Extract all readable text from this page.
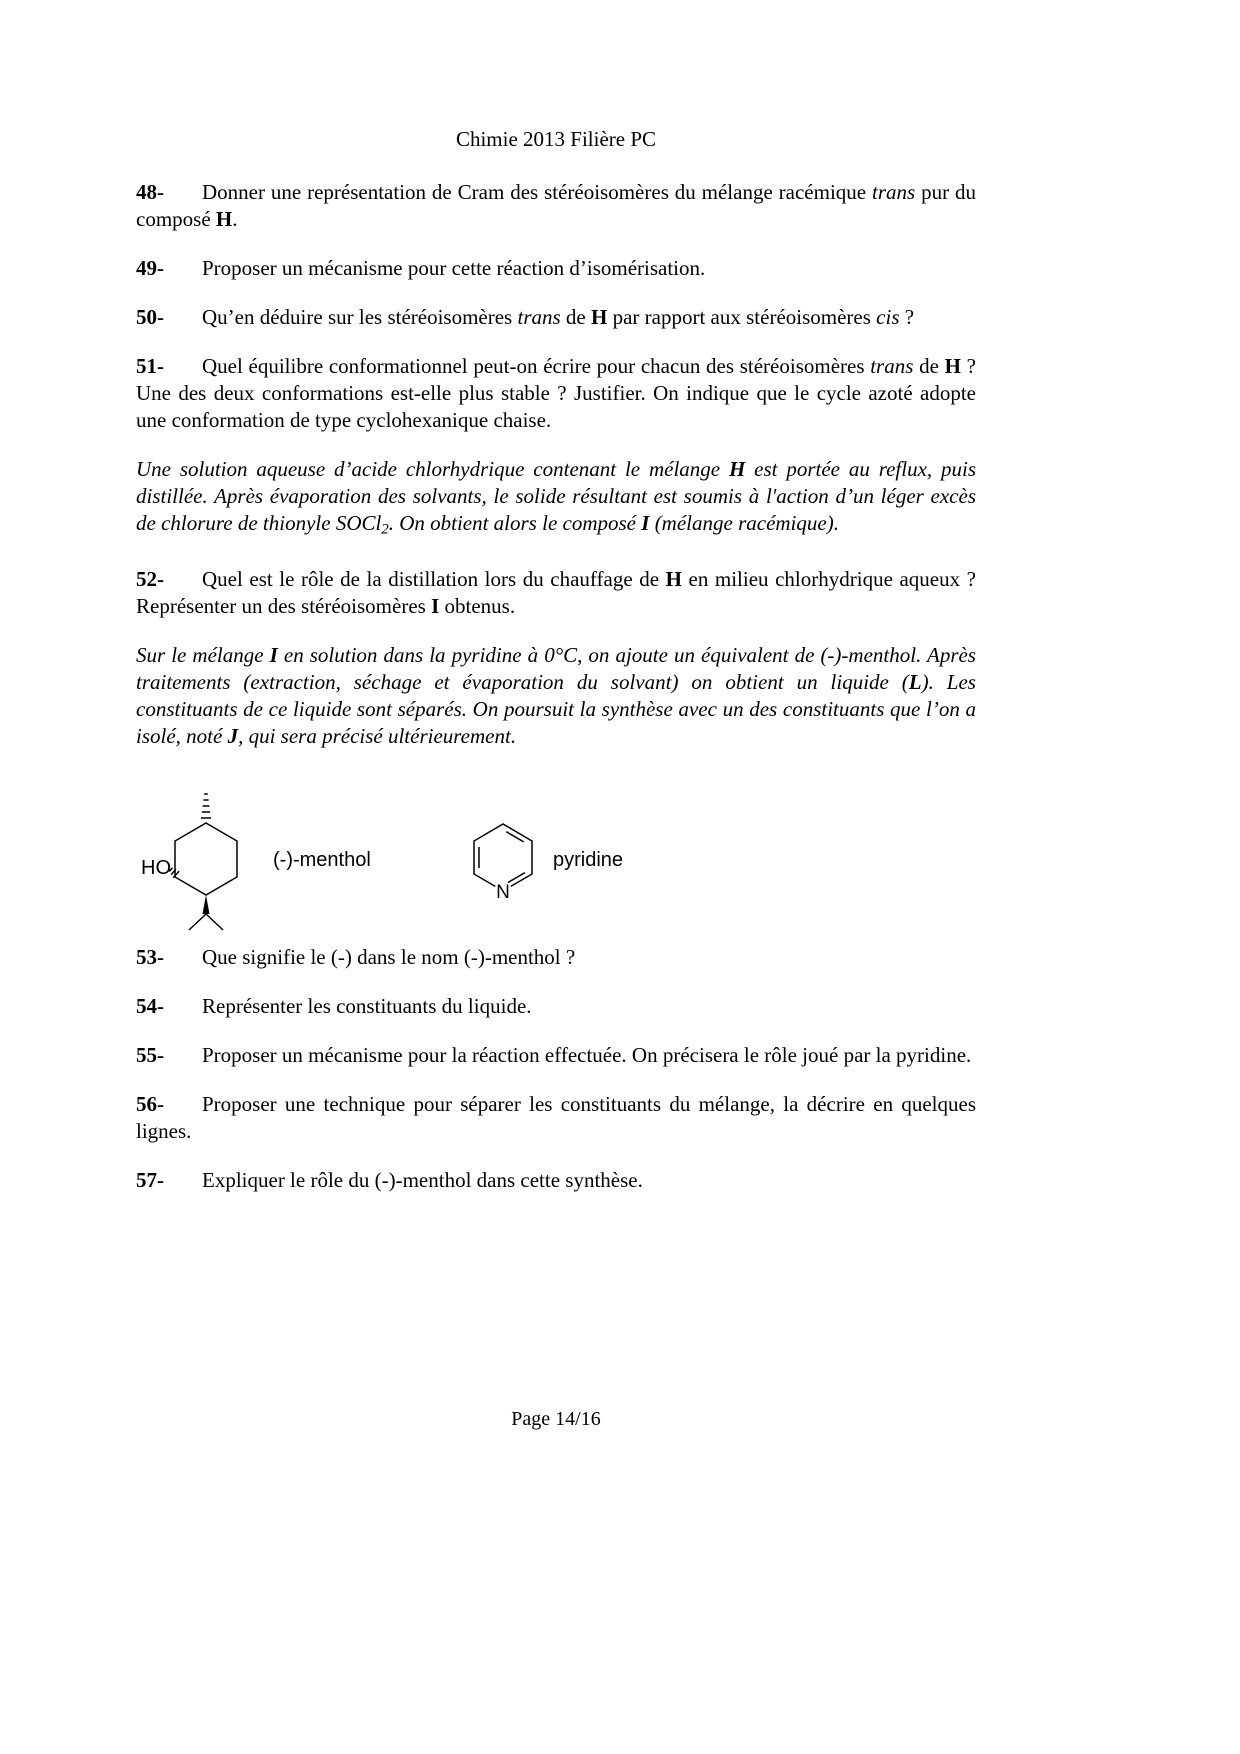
Chimie 2013 Filière PC

48- Donner une représentation de Cram des stéréoisomères du mélange racémique trans pur du composé H.

49- Proposer un mécanisme pour cette réaction d’isomérisation.

50- Qu’en déduire sur les stéréoisomères trans de H par rapport aux stéréoisomères cis ?

51- Quel équilibre conformationnel peut-on écrire pour chacun des stéréoisomères trans de H ? Une des deux conformations est-elle plus stable ? Justifier. On indique que le cycle azoté adopte une conformation de type cyclohexanique chaise.

Une solution aqueuse d’acide chlorhydrique contenant le mélange H est portée au reflux, puis distillée. Après évaporation des solvants, le solide résultant est soumis à l'action d’un léger excès de chlorure de thionyle SOCl$_2$. On obtient alors le composé I (mélange racémique).

52- Quel est le rôle de la distillation lors du chauffage de H en milieu chlorhydrique aqueux ? Représenter un des stéréoisomères I obtenus.

Sur le mélange I en solution dans la pyridine à 0°C, on ajoute un équivalent de (-)-menthol. Après traitements (extraction, séchage et évaporation du solvant) on obtient un liquide (L). Les constituants de ce liquide sont séparés. On poursuit la synthèse avec un des constituants que l’on a isolé, noté J, qui sera précisé ultérieurement.

HO
N
(-)-menthol	pyridine

53- Que signifie le (-) dans le nom (-)-menthol ?

54- Représenter les constituants du liquide.

55- Proposer un mécanisme pour la réaction effectuée. On précisera le rôle joué par la pyridine.

56- Proposer une technique pour séparer les constituants du mélange, la décrire en quelques lignes.

57- Expliquer le rôle du (-)-menthol dans cette synthèse.

Page 14/16
